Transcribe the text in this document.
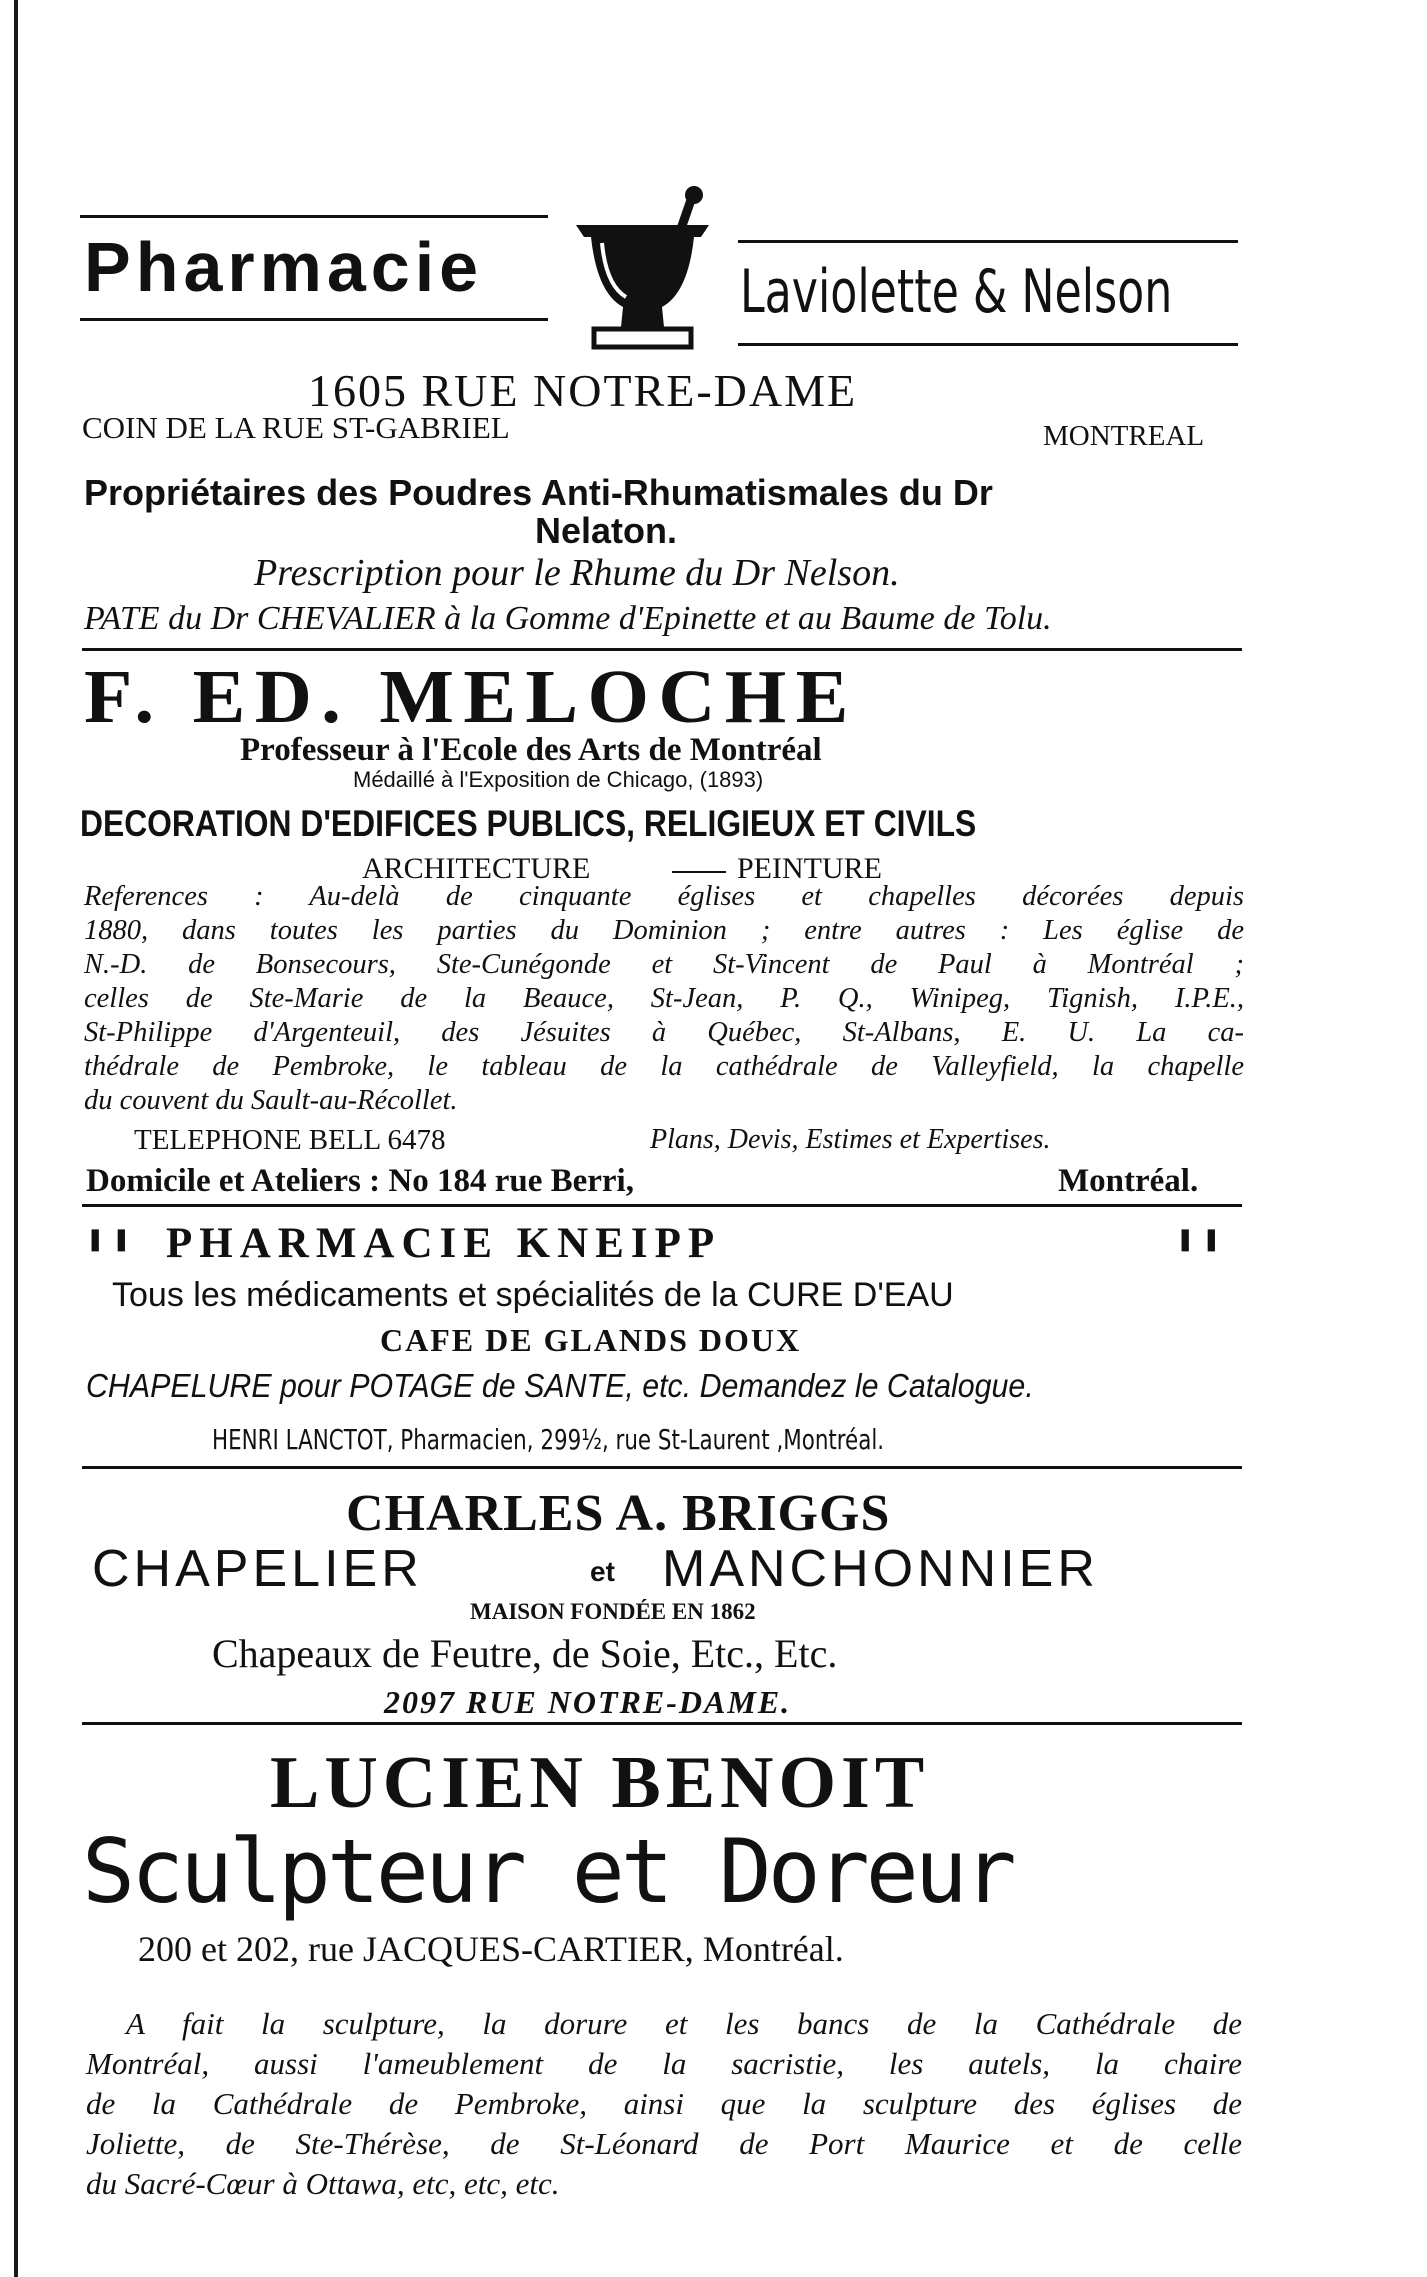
Pharmacie	Laviolette & Nelson
1605 RUE NOTRE-DAME
COIN DE LA RUE ST-GABRIEL	MONTREAL
Propriétaires des Poudres Anti-Rhumatismales du Dr
Nelaton.
Prescription pour le Rhume du Dr Nelson.
PATE du Dr CHEVALIER à la Gomme d'Epinette et au Baume de Tolu.
F. ED. MELOCHE
Professeur à l'Ecole des Arts de Montréal
Médaillé à l'Exposition de Chicago, (1893)
DECORATION D'EDIFICES PUBLICS, RELIGIEUX ET CIVILS
ARCHITECTURE	PEINTURE
References : Au-delà de cinquante églises et chapelles décorées depuis
1880, dans toutes les parties du Dominion ; entre autres : Les église de
N.-D. de Bonsecours, Ste-Cunégonde et St-Vincent de Paul à Montréal ;
celles de Ste-Marie de la Beauce, St-Jean, P. Q., Winipeg, Tignish, I.P.E.,
St-Philippe d'Argenteuil, des Jésuites à Québec, St-Albans, E. U. La ca-
thédrale de Pembroke, le tableau de la cathédrale de Valleyfield, la chapelle
du couvent du Sault-au-Récollet.
TELEPHONE BELL 6478	Plans, Devis, Estimes et Expertises.
Domicile et Ateliers : No 184 rue Berri,	Montréal.
❚ ❚ PHARMACIE KNEIPP	❚ ❚
Tous les médicaments et spécialités de la CURE D'EAU
CAFE DE GLANDS DOUX
CHAPELURE pour POTAGE de SANTE, etc. Demandez le Catalogue.
HENRI LANCTOT, Pharmacien, 299½, rue St-Laurent ,Montréal.
CHARLES A. BRIGGS
CHAPELIER	et MANCHONNIER
MAISON FONDÉE EN 1862
Chapeaux de Feutre, de Soie, Etc., Etc.
2097 RUE NOTRE-DAME.
LUCIEN BENOIT
Sculpteur et Doreur
200 et 202, rue JACQUES-CARTIER, Montréal.
A fait la sculpture, la dorure et les bancs de la Cathédrale de
Montréal, aussi l'ameublement de la sacristie, les autels, la chaire
de la Cathédrale de Pembroke, ainsi que la sculpture des églises de
Joliette, de Ste-Thérèse, de St-Léonard de Port Maurice et de celle
du Sacré-Cœur à Ottawa, etc, etc, etc.
